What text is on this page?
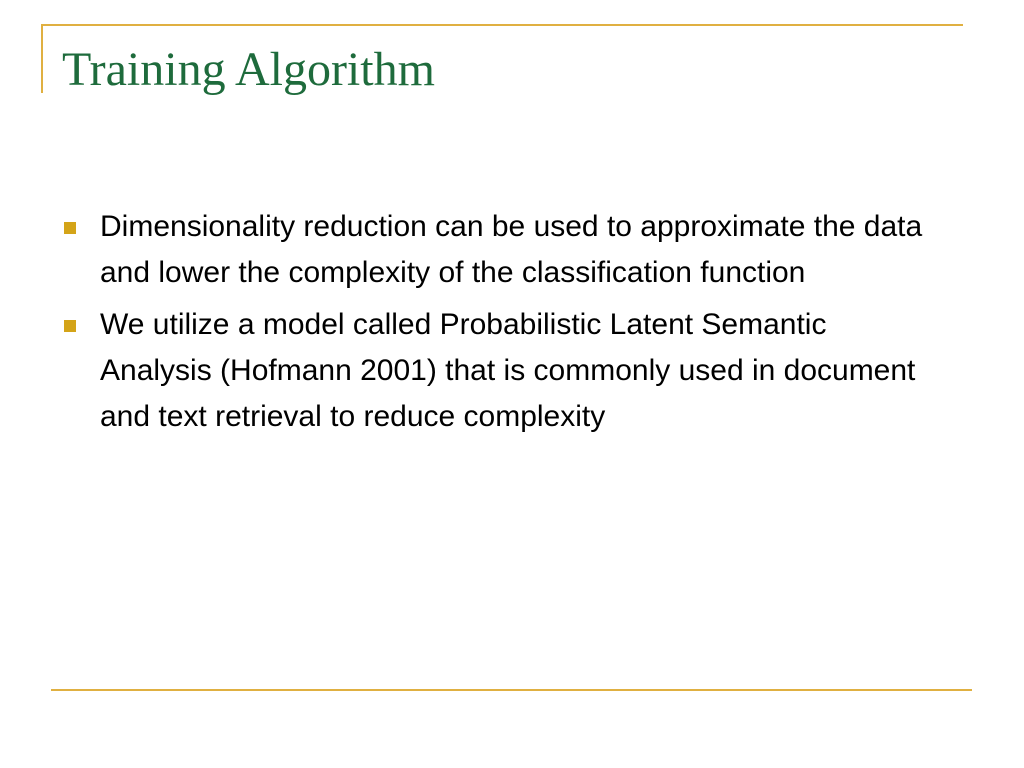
Training Algorithm
Dimensionality reduction can be used to approximate the data and lower the complexity of the classification function
We utilize a model called Probabilistic Latent Semantic Analysis (Hofmann 2001) that is commonly used in document and text retrieval to reduce complexity
